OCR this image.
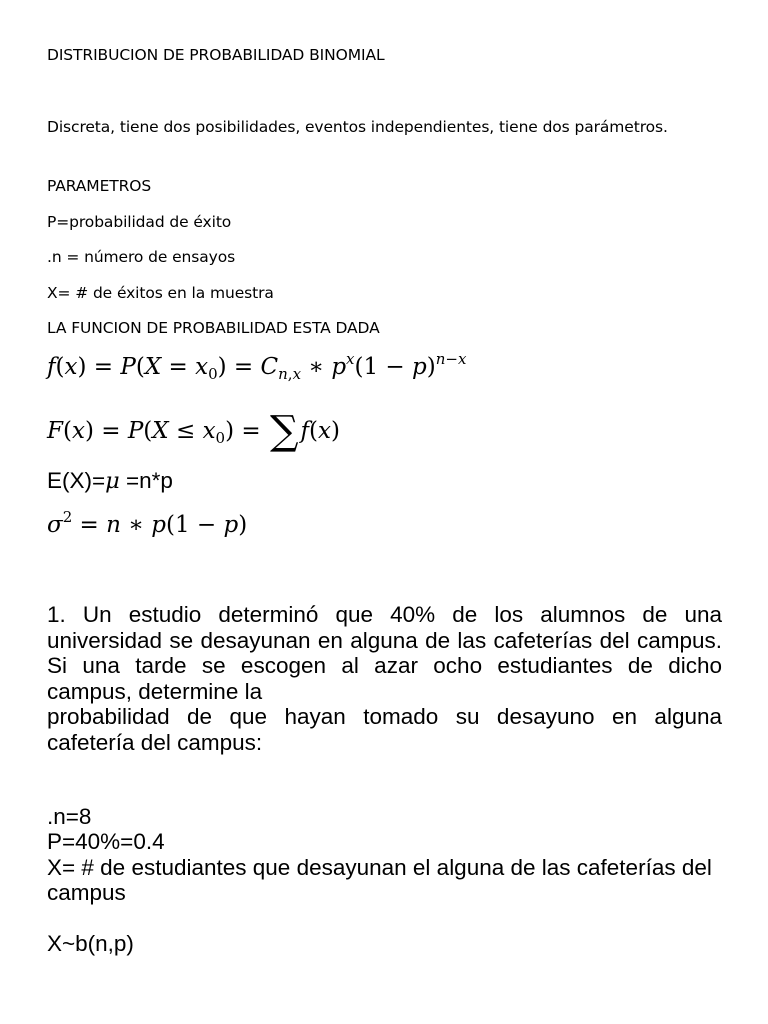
DISTRIBUCION DE PROBABILIDAD BINOMIAL
Discreta, tiene dos posibilidades, eventos independientes, tiene dos parámetros.
PARAMETROS
P=probabilidad de éxito
.n = número de ensayos
X= # de éxitos en la muestra
LA FUNCION DE PROBABILIDAD ESTA DADA
$f(x) = P(X = x_0) = C_{n,x}$ ∗ $p^x(1 - p)^{n-x}$
$F(x) = P(X \le x_0) = \sum f(x)$
E(X)=μ =n*p
$\sigma^2 = n$ ∗ p(1 − p)
1. Un estudio determinó que 40% de los alumnos de una
universidad se desayunan en alguna de las cafeterías del campus.
Si una tarde se escogen al azar ocho estudiantes de dicho
campus, determine la
probabilidad de que hayan tomado su desayuno en alguna
cafetería del campus:
.n=8
P=40%=0.4
X= # de estudiantes que desayunan el alguna de las cafeterías del
campus
X~b(n,p)
